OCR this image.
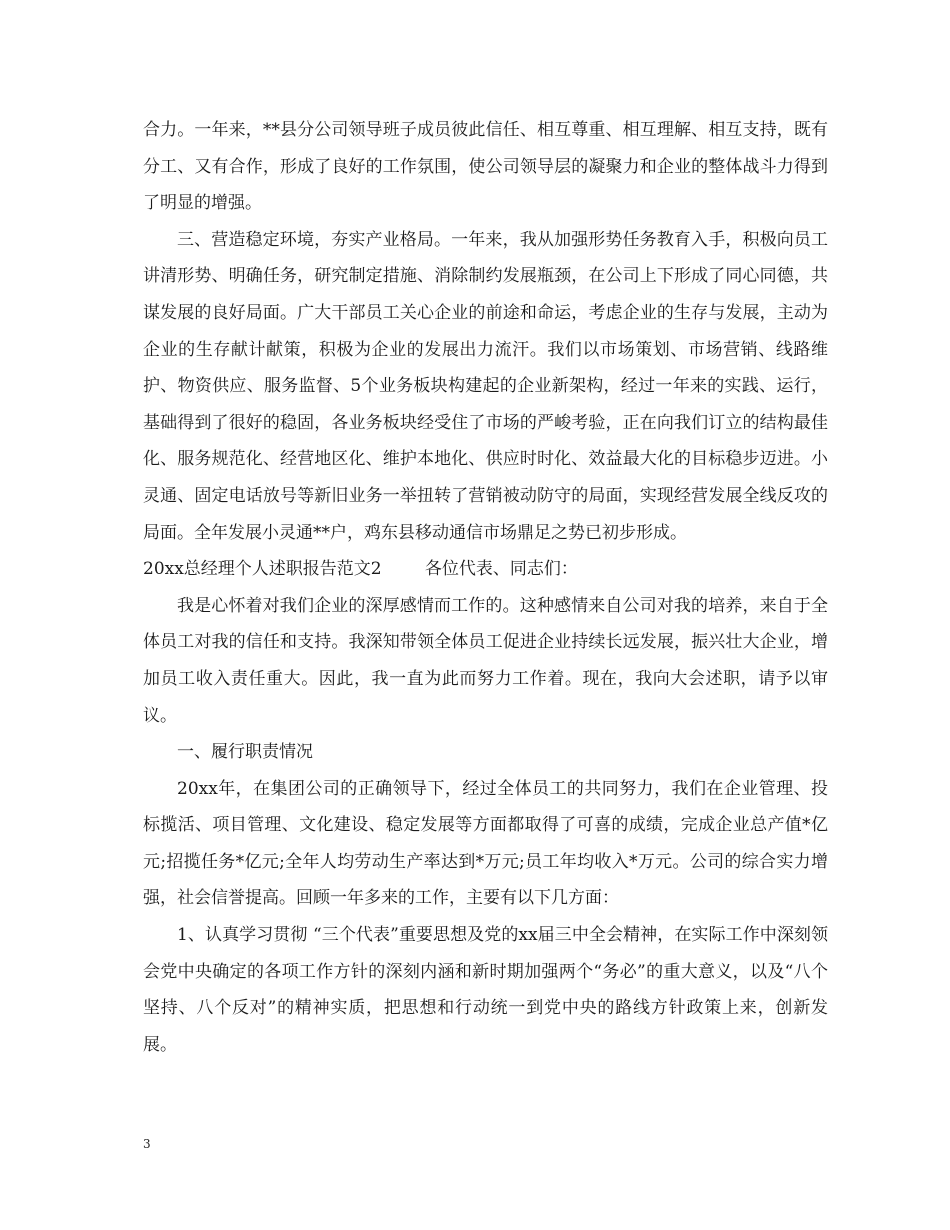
合力。一年来，**县分公司领导班子成员彼此信任、相互尊重、相互理解、相互支持，既有分工、又有合作，形成了良好的工作氛围，使公司领导层的凝聚力和企业的整体战斗力得到了明显的增强。

三、营造稳定环境，夯实产业格局。一年来，我从加强形势任务教育入手，积极向员工讲清形势、明确任务，研究制定措施、消除制约发展瓶颈，在公司上下形成了同心同德，共谋发展的良好局面。广大干部员工关心企业的前途和命运，考虑企业的生存与发展，主动为企业的生存献计献策，积极为企业的发展出力流汗。我们以市场策划、市场营销、线路维护、物资供应、服务监督、5个业务板块构建起的企业新架构，经过一年来的实践、运行，基础得到了很好的稳固，各业务板块经受住了市场的严峻考验，正在向我们订立的结构最佳化、服务规范化、经营地区化、维护本地化、供应时时化、效益最大化的目标稳步迈进。小灵通、固定电话放号等新旧业务一举扭转了营销被动防守的局面，实现经营发展全线反攻的局面。全年发展小灵通**户，鸡东县移动通信市场鼎足之势已初步形成。

20xx总经理个人述职报告范文2        各位代表、同志们：

我是心怀着对我们企业的深厚感情而工作的。这种感情来自公司对我的培养，来自于全体员工对我的信任和支持。我深知带领全体员工促进企业持续长远发展，振兴壮大企业，增加员工收入责任重大。因此，我一直为此而努力工作着。现在，我向大会述职，请予以审议。

一、履行职责情况

20xx年，在集团公司的正确领导下，经过全体员工的共同努力，我们在企业管理、投标揽活、项目管理、文化建设、稳定发展等方面都取得了可喜的成绩，完成企业总产值*亿元;招揽任务*亿元;全年人均劳动生产率达到*万元;员工年均收入*万元。公司的综合实力增强，社会信誉提高。回顾一年多来的工作，主要有以下几方面：

1、认真学习贯彻 “三个代表”重要思想及党的xx届三中全会精神，在实际工作中深刻领会党中央确定的各项工作方针的深刻内涵和新时期加强两个“务必”的重大意义，以及“八个坚持、八个反对”的精神实质，把思想和行动统一到党中央的路线方针政策上来，创新发展。

3
